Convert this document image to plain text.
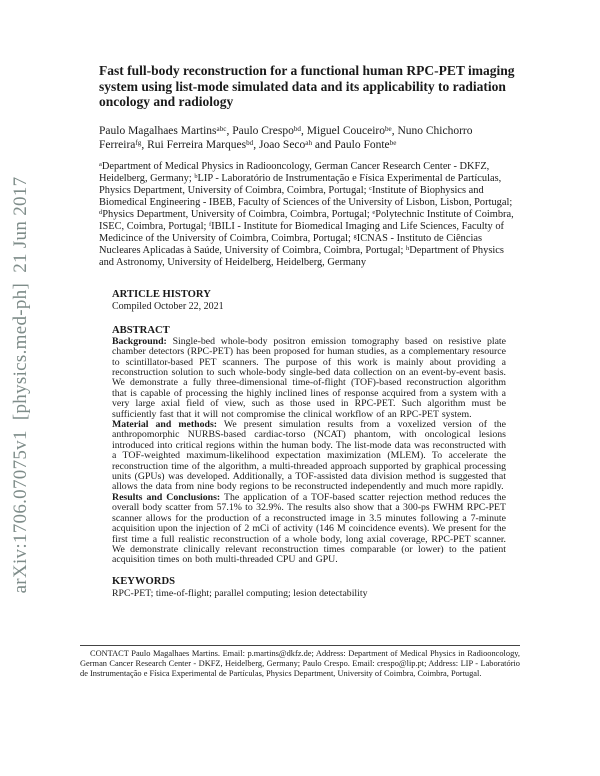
arXiv:1706.07075v1  [physics.med-ph]  21 Jun 2017
Fast full-body reconstruction for a functional human RPC-PET imaging system using list-mode simulated data and its applicability to radiation oncology and radiology
Paulo Magalhaes Martins$^{abc}$, Paulo Crespo$^{bd}$, Miguel Couceiro$^{be}$, Nuno Chichorro Ferreira$^{fg}$, Rui Ferreira Marques$^{bd}$, Joao Seco$^{ah}$ and Paulo Fonte$^{be}$
$^a$Department of Medical Physics in Radiooncology, German Cancer Research Center - DKFZ, Heidelberg, Germany; $^b$LIP - Laboratório de Instrumentação e Física Experimental de Partículas, Physics Department, University of Coimbra, Coimbra, Portugal; $^c$Institute of Biophysics and Biomedical Engineering - IBEB, Faculty of Sciences of the University of Lisbon, Lisbon, Portugal; $^d$Physics Department, University of Coimbra, Coimbra, Portugal; $^e$Polytechnic Institute of Coimbra, ISEC, Coimbra, Portugal; $^f$IBILI - Institute for Biomedical Imaging and Life Sciences, Faculty of Medicince of the University of Coimbra, Coimbra, Portugal; $^g$ICNAS - Instituto de Ciências Nucleares Aplicadas à Saúde, University of Coimbra, Coimbra, Portugal; $^h$Department of Physics and Astronomy, University of Heidelberg, Heidelberg, Germany
ARTICLE HISTORY
Compiled October 22, 2021
ABSTRACT

Background: Single-bed whole-body positron emission tomography based on resistive plate chamber detectors (RPC-PET) has been proposed for human studies, as a complementary resource to scintillator-based PET scanners. The purpose of this work is mainly about providing a reconstruction solution to such whole-body single-bed data collection on an event-by-event basis. We demonstrate a fully three-dimensional time-of-flight (TOF)-based reconstruction algorithm that is capable of processing the highly inclined lines of response acquired from a system with a very large axial field of view, such as those used in RPC-PET. Such algorithm must be sufficiently fast that it will not compromise the clinical workflow of an RPC-PET system.

Material and methods: We present simulation results from a voxelized version of the anthropomorphic NURBS-based cardiac-torso (NCAT) phantom, with oncological lesions introduced into critical regions within the human body. The list-mode data was reconstructed with a TOF-weighted maximum-likelihood expectation maximization (MLEM). To accelerate the reconstruction time of the algorithm, a multi-threaded approach supported by graphical processing units (GPUs) was developed. Additionally, a TOF-assisted data division method is suggested that allows the data from nine body regions to be reconstructed independently and much more rapidly.

Results and Conclusions: The application of a TOF-based scatter rejection method reduces the overall body scatter from 57.1% to 32.9%. The results also show that a 300-ps FWHM RPC-PET scanner allows for the production of a reconstructed image in 3.5 minutes following a 7-minute acquisition upon the injection of 2 mCi of activity (146 M coincidence events). We present for the first time a full realistic reconstruction of a whole body, long axial coverage, RPC-PET scanner. We demonstrate clinically relevant reconstruction times comparable (or lower) to the patient acquisition times on both multi-threaded CPU and GPU.

KEYWORDS
RPC-PET; time-of-flight; parallel computing; lesion detectability

CONTACT Paulo Magalhaes Martins. Email: p.martins@dkfz.de; Address: Department of Medical Physics in Radiooncology, German Cancer Research Center - DKFZ, Heidelberg, Germany; Paulo Crespo. Email: crespo@lip.pt; Address: LIP - Laboratório de Instrumentação e Física Experimental de Partículas, Physics Department, University of Coimbra, Coimbra, Portugal.
